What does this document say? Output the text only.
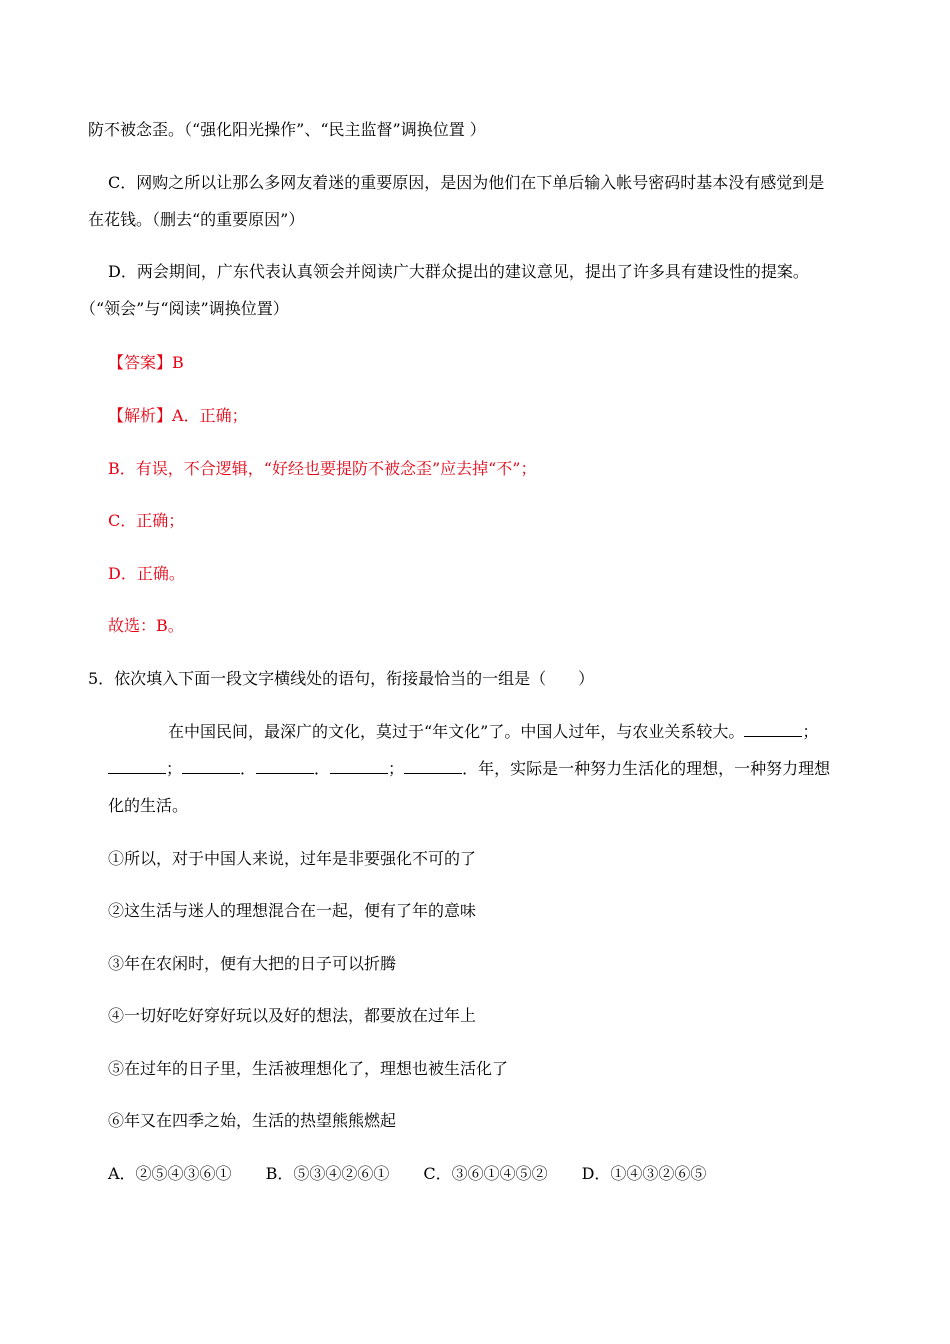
防不被念歪。（“强化阳光操作”、“民主监督”调换位置 ）
C．网购之所以让那么多网友着迷的重要原因，是因为他们在下单后输入帐号密码时基本没有感觉到是
在花钱。（删去“的重要原因”）
D．两会期间，广东代表认真领会并阅读广大群众提出的建议意见，提出了许多具有建设性的提案。
（“领会”与“阅读”调换位置）
【答案】B
【解析】A．正确；
B．有误，不合逻辑，“好经也要提防不被念歪”应去掉“不”；
C．正确；
D．正确。
故选：B。
5．依次填入下面一段文字横线处的语句，衔接最恰当的一组是（　　）
在中国民间，最深广的文化，莫过于“年文化”了。中国人过年，与农业关系较大。	；
；	．	．	；	．年，实际是一种努力生活化的理想，一种努力理想
化的生活。
①所以，对于中国人来说，过年是非要强化不可的了
②这生活与迷人的理想混合在一起，便有了年的意味
③年在农闲时，便有大把的日子可以折腾
④一切好吃好穿好玩以及好的想法，都要放在过年上
⑤在过年的日子里，生活被理想化了，理想也被生活化了
⑥年又在四季之始，生活的热望熊熊燃起
A．②⑤④③⑥① B．⑤③④②⑥① C．③⑥①④⑤② D．①④③②⑥⑤
